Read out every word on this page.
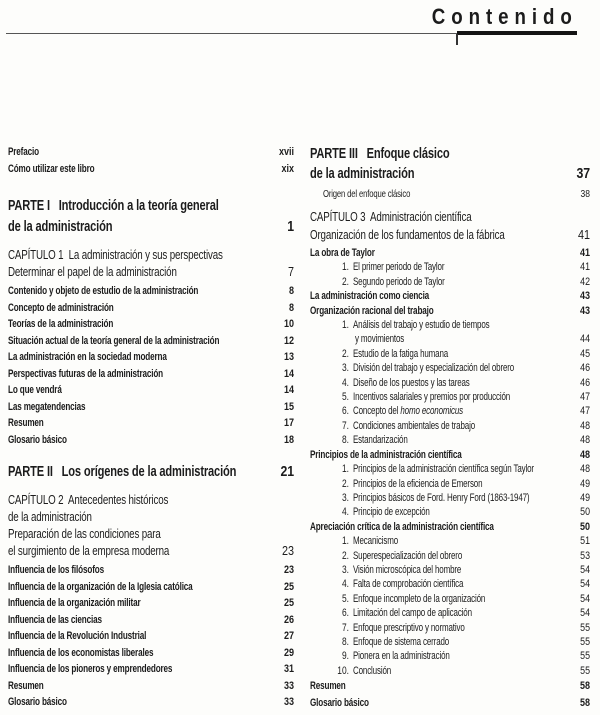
Contenido
Prefacio	xvii
Cómo utilizar este libro	xix
PARTE I   Introducción a la teoría general
de la administración	1
CAPÍTULO 1  La administración y sus perspectivas
Determinar el papel de la administración	7
Contenido y objeto de estudio de la administración	8
Concepto de administración	8
Teorías de la administración	10
Situación actual de la teoría general de la administración	12
La administración en la sociedad moderna	13
Perspectivas futuras de la administración	14
Lo que vendrá	14
Las megatendencias	15
Resumen	17
Glosario básico	18
PARTE II   Los orígenes de la administración	21
CAPÍTULO 2  Antecedentes históricos
de la administración
Preparación de las condiciones para
el surgimiento de la empresa moderna	23
Influencia de los filósofos	23
Influencia de la organización de la Iglesia católica	25
Influencia de la organización militar	25
Influencia de las ciencias	26
Influencia de la Revolución Industrial	27
Influencia de los economistas liberales	29
Influencia de los pioneros y emprendedores	31
Resumen	33
Glosario básico	33
PARTE III   Enfoque clásico
de la administración	37
Origen del enfoque clásico	38
CAPÍTULO 3  Administración científica
Organización de los fundamentos de la fábrica	41
La obra de Taylor	41
1. El primer periodo de Taylor	41
2. Segundo periodo de Taylor	42
La administración como ciencia	43
Organización racional del trabajo	43
1. Análisis del trabajo y estudio de tiempos
y movimientos	44
2. Estudio de la fatiga humana	45
3. División del trabajo y especialización del obrero	46
4. Diseño de los puestos y las tareas	46
5. Incentivos salariales y premios por producción	47
6. Concepto del homo economicus	47
7. Condiciones ambientales de trabajo	48
8. Estandarización	48
Principios de la administración científica	48
1. Principios de la administración científica según Taylor	48
2. Principios de la eficiencia de Emerson	49
3. Principios básicos de Ford. Henry Ford (1863-1947)	49
4. Principio de excepción	50
Apreciación crítica de la administración científica	50
1. Mecanicismo	51
2. Superespecialización del obrero	53
3. Visión microscópica del hombre	54
4. Falta de comprobación científica	54
5. Enfoque incompleto de la organización	54
6. Limitación del campo de aplicación	54
7. Enfoque prescriptivo y normativo	55
8. Enfoque de sistema cerrado	55
9. Pionera en la administración	55
10. Conclusión	55
Resumen	58
Glosario básico	58
